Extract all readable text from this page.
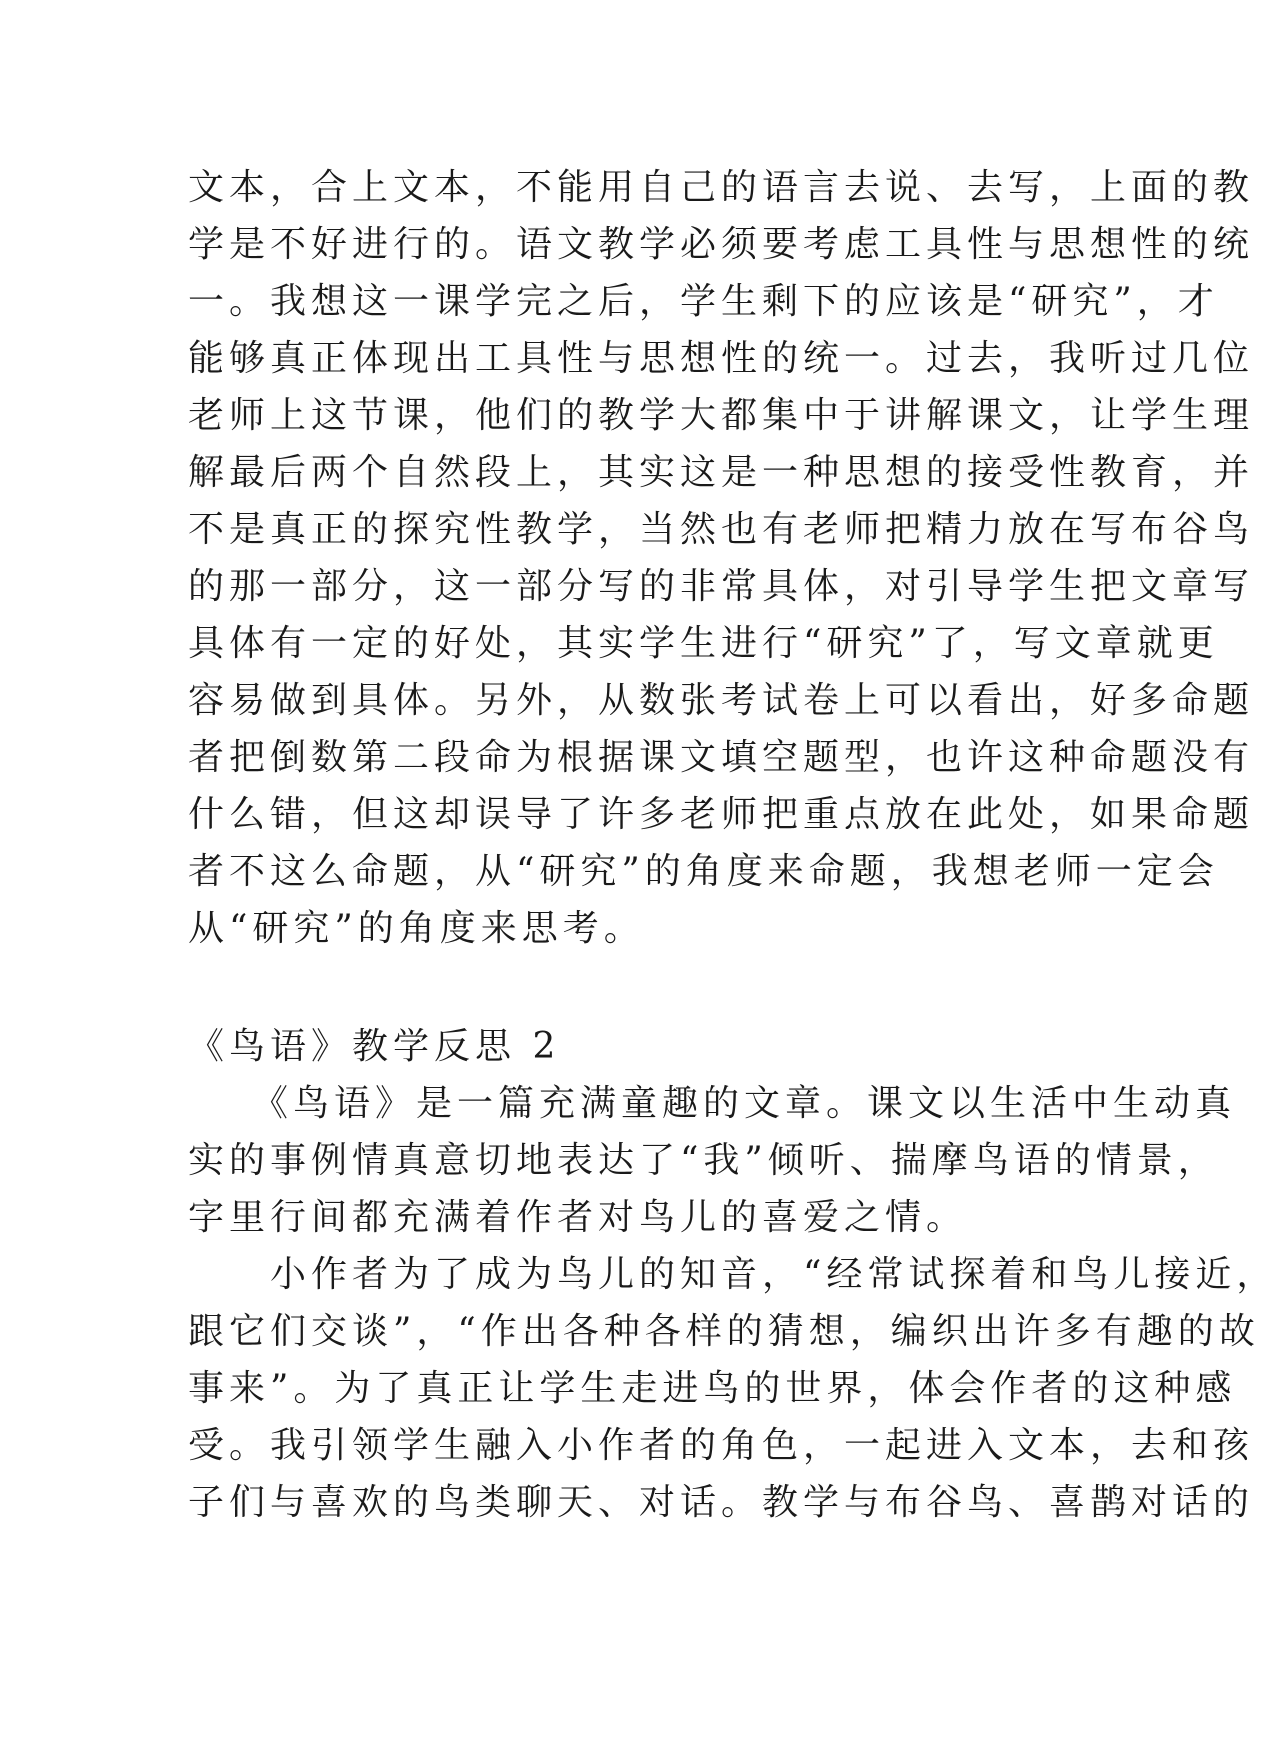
文本，合上文本，不能用自己的语言去说、去写，上面的教
学是不好进行的。语文教学必须要考虑工具性与思想性的统
一。我想这一课学完之后，学生剩下的应该是“研究”，才
能够真正体现出工具性与思想性的统一。过去，我听过几位
老师上这节课，他们的教学大都集中于讲解课文，让学生理
解最后两个自然段上，其实这是一种思想的接受性教育，并
不是真正的探究性教学，当然也有老师把精力放在写布谷鸟
的那一部分，这一部分写的非常具体，对引导学生把文章写
具体有一定的好处，其实学生进行“研究”了，写文章就更
容易做到具体。另外，从数张考试卷上可以看出，好多命题
者把倒数第二段命为根据课文填空题型，也许这种命题没有
什么错，但这却误导了许多老师把重点放在此处，如果命题
者不这么命题，从“研究”的角度来命题，我想老师一定会
从“研究”的角度来思考。
《鸟语》教学反思 2
　　《鸟语》是一篇充满童趣的文章。课文以生活中生动真
实的事例情真意切地表达了“我”倾听、揣摩鸟语的情景，
字里行间都充满着作者对鸟儿的喜爱之情。
　　小作者为了成为鸟儿的知音，“经常试探着和鸟儿接近，
跟它们交谈”，“作出各种各样的猜想，编织出许多有趣的故
事来”。为了真正让学生走进鸟的世界，体会作者的这种感
受。我引领学生融入小作者的角色，一起进入文本，去和孩
子们与喜欢的鸟类聊天、对话。教学与布谷鸟、喜鹊对话的
